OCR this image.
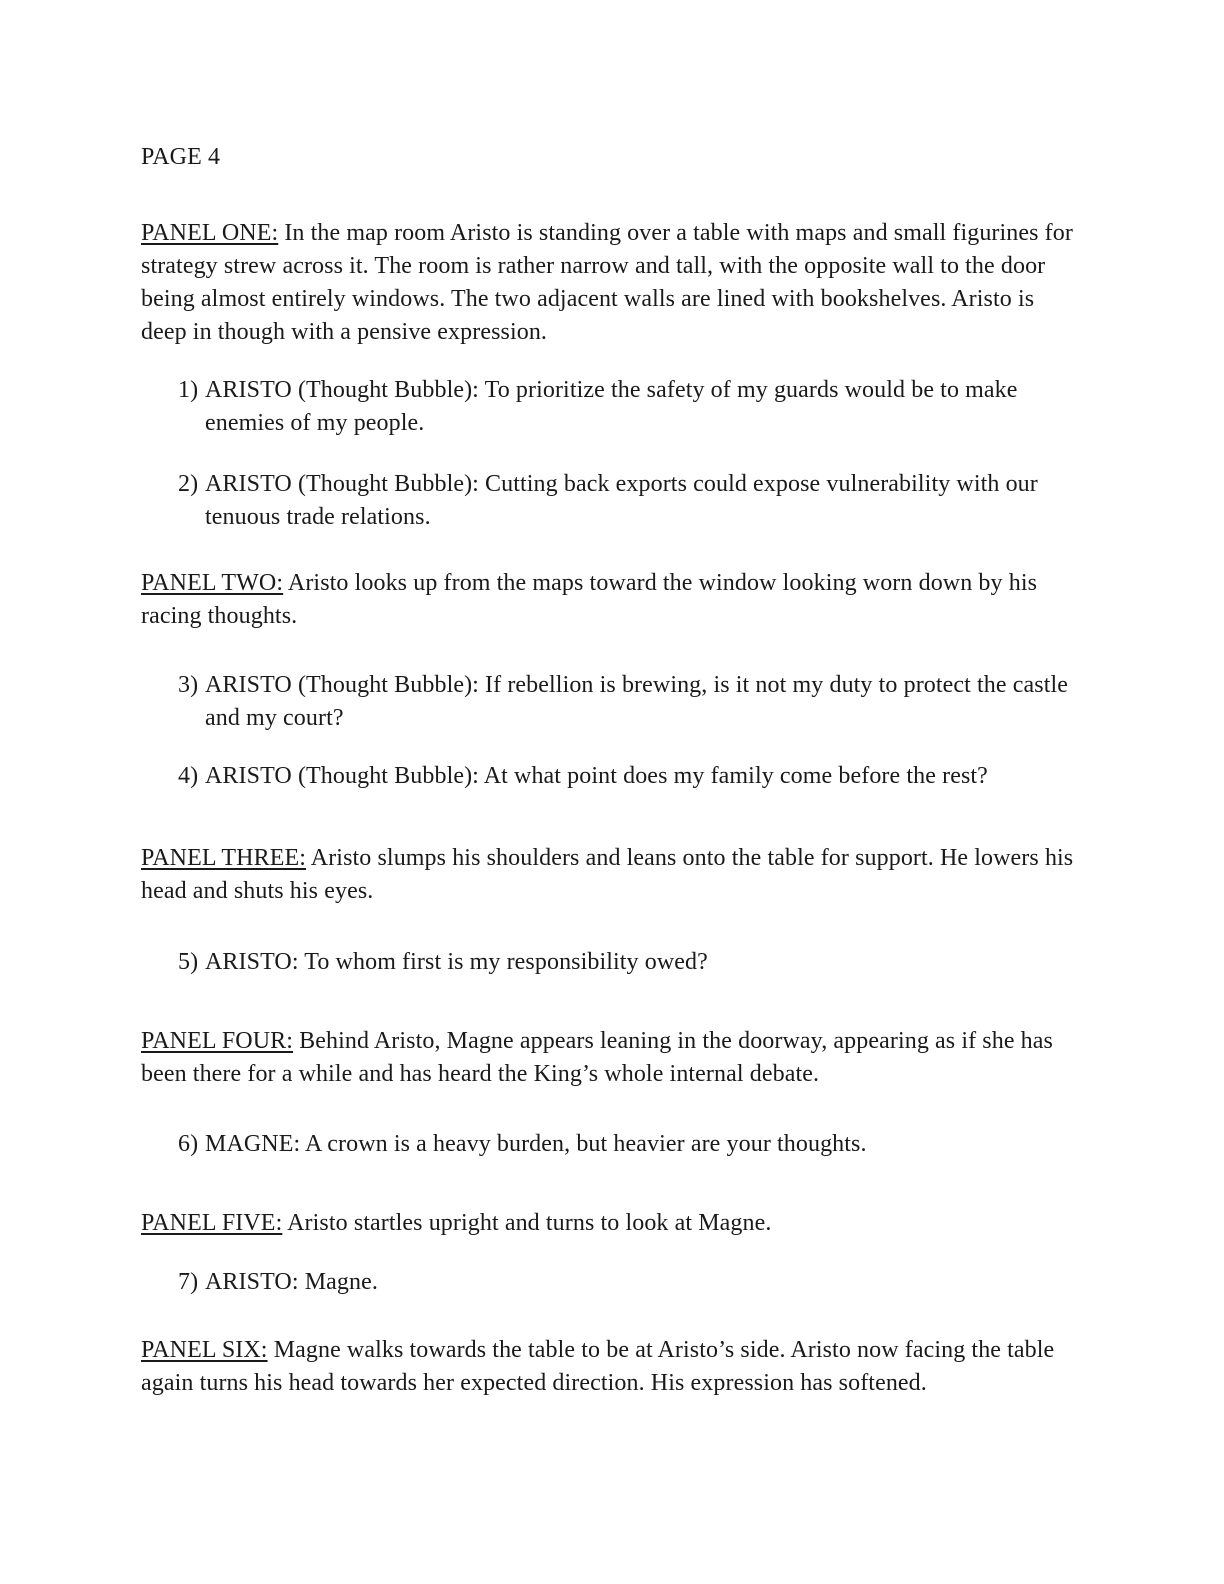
PAGE 4

PANEL ONE: In the map room Aristo is standing over a table with maps and small figurines for strategy strew across it. The room is rather narrow and tall, with the opposite wall to the door being almost entirely windows. The two adjacent walls are lined with bookshelves. Aristo is deep in though with a pensive expression.

1) ARISTO (Thought Bubble): To prioritize the safety of my guards would be to make enemies of my people.

2) ARISTO (Thought Bubble): Cutting back exports could expose vulnerability with our tenuous trade relations.

PANEL TWO: Aristo looks up from the maps toward the window looking worn down by his racing thoughts.

3) ARISTO (Thought Bubble): If rebellion is brewing, is it not my duty to protect the castle and my court?

4) ARISTO (Thought Bubble): At what point does my family come before the rest?

PANEL THREE: Aristo slumps his shoulders and leans onto the table for support. He lowers his head and shuts his eyes.

5) ARISTO: To whom first is my responsibility owed?

PANEL FOUR: Behind Aristo, Magne appears leaning in the doorway, appearing as if she has been there for a while and has heard the King’s whole internal debate.

6) MAGNE: A crown is a heavy burden, but heavier are your thoughts.

PANEL FIVE: Aristo startles upright and turns to look at Magne.

7) ARISTO: Magne.

PANEL SIX: Magne walks towards the table to be at Aristo’s side. Aristo now facing the table again turns his head towards her expected direction. His expression has softened.
